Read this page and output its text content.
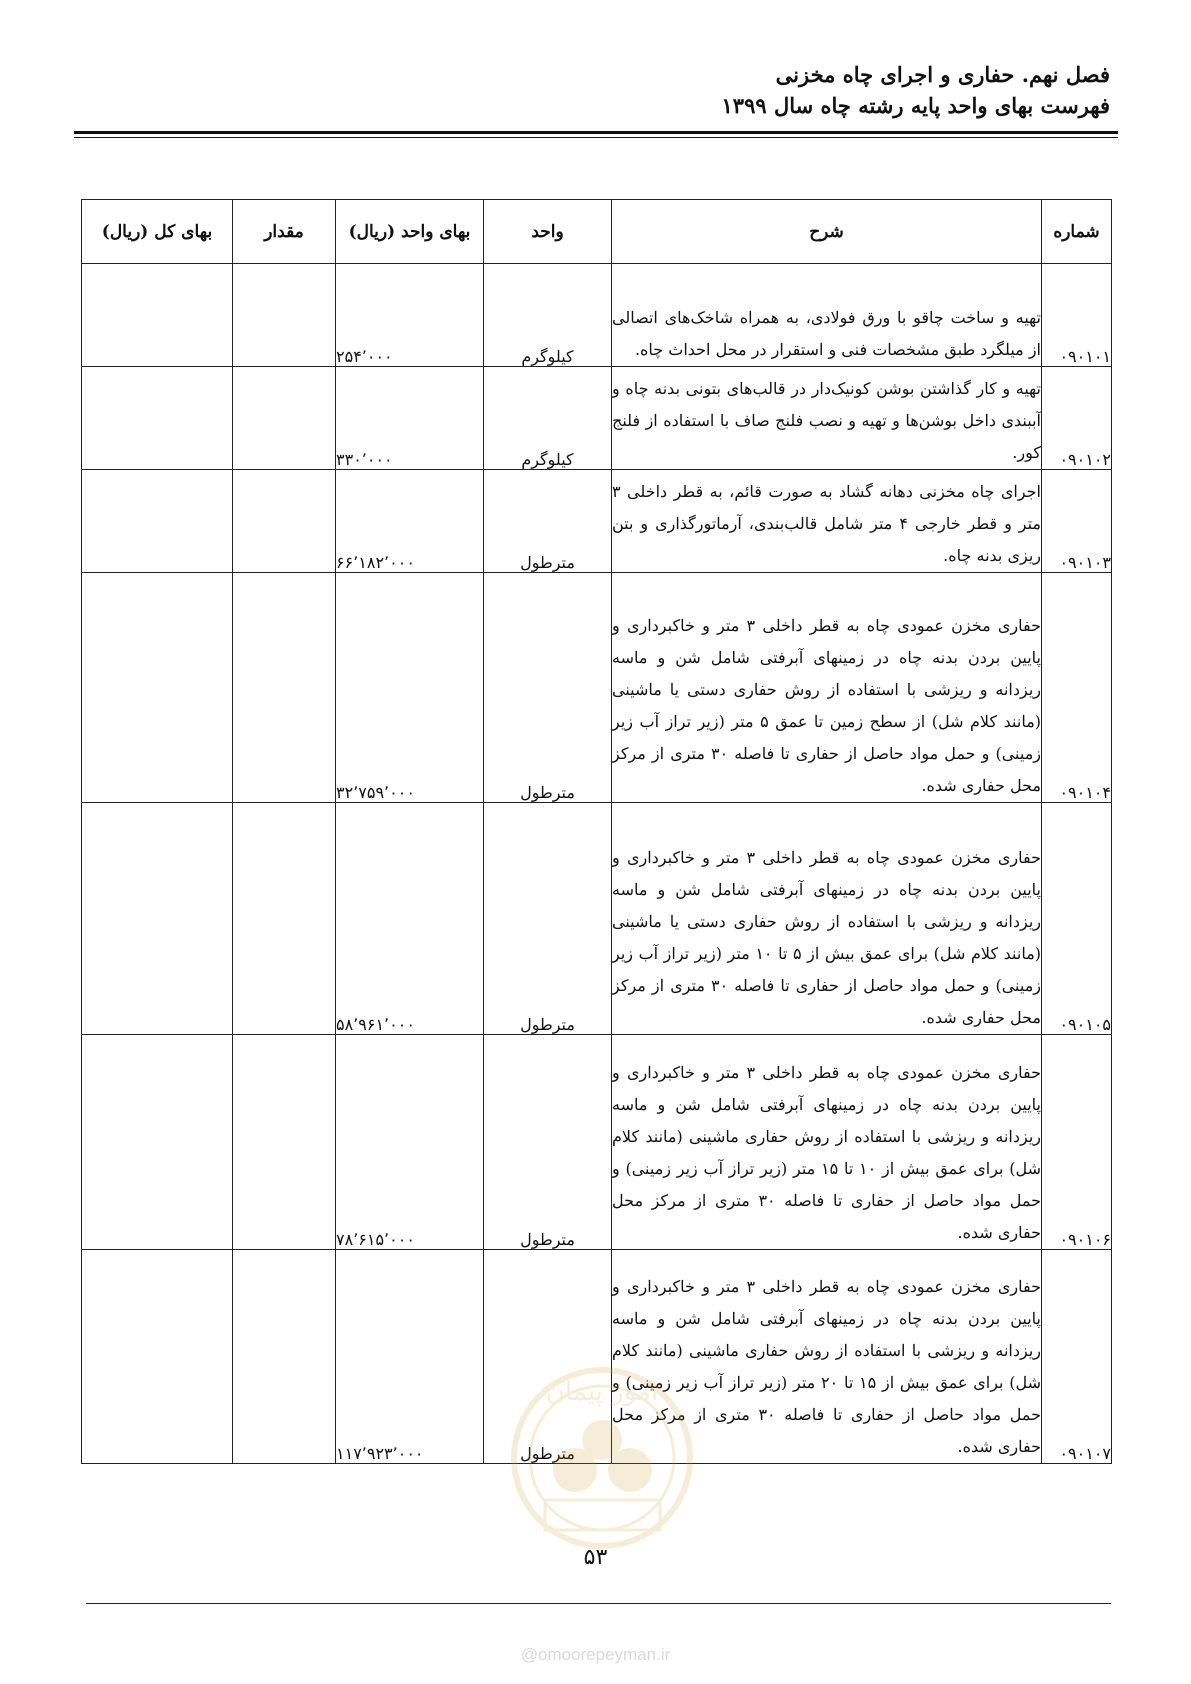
فصل نهم. حفاری و اجرای چاه مخزنی
فهرست بهای واحد پایه رشته چاه سال ۱۳۹۹
شماره	شرح	واحد	بهای واحد (ریال)	مقدار	بهای کل (ریال)
۰۹۰۱۰۱	تهیه و ساخت چاقو با ورق فولادی، به همراه شاخک‌های اتصالی از میلگرد طبق مشخصات فنی و استقرار در محل احداث چاه.	کیلوگرم	۲۵۴٬۰۰۰		
۰۹۰۱۰۲	تهیه و کار گذاشتن بوشن کونیک‌دار در قالب‌های بتونی بدنه چاه و آببندی داخل بوشن‌ها و تهیه و نصب فلنج صاف با استفاده از فلنج کور.	کیلوگرم	۳۳۰٬۰۰۰		
۰۹۰۱۰۳	اجرای چاه مخزنی دهانه گشاد به صورت قائم، به قطر داخلی ۳ متر و قطر خارجی ۴ متر شامل قالب‌بندی، آرماتورگذاری و بتن ریزی بدنه چاه.	مترطول	۶۶٬۱۸۲٬۰۰۰		
۰۹۰۱۰۴	حفاری مخزن عمودی چاه به قطر داخلی ۳ متر و خاکبرداری و پایین بردن بدنه چاه در زمینهای آبرفتی شامل شن و ماسه ریزدانه و ریزشی با استفاده از روش حفاری دستی یا ماشینی (مانند کلام شل) از سطح زمین تا عمق ۵ متر (زیر تراز آب زیر زمینی) و حمل مواد حاصل از حفاری تا فاصله ۳۰ متری از مرکز محل حفاری شده.	مترطول	۳۲٬۷۵۹٬۰۰۰		
۰۹۰۱۰۵	حفاری مخزن عمودی چاه به قطر داخلی ۳ متر و خاکبرداری و پایین بردن بدنه چاه در زمینهای آبرفتی شامل شن و ماسه ریزدانه و ریزشی با استفاده از روش حفاری دستی یا ماشینی (مانند کلام شل) برای عمق بیش از ۵ تا ۱۰ متر (زیر تراز آب زیر زمینی) و حمل مواد حاصل از حفاری تا فاصله ۳۰ متری از مرکز محل حفاری شده.	مترطول	۵۸٬۹۶۱٬۰۰۰		
۰۹۰۱۰۶	حفاری مخزن عمودی چاه به قطر داخلی ۳ متر و خاکبرداری و پایین بردن بدنه چاه در زمینهای آبرفتی شامل شن و ماسه ریزدانه و ریزشی با استفاده از روش حفاری ماشینی (مانند کلام شل) برای عمق بیش از ۱۰ تا ۱۵ متر (زیر تراز آب زیر زمینی) و حمل مواد حاصل از حفاری تا فاصله ۳۰ متری از مرکز محل حفاری شده.	مترطول	۷۸٬۶۱۵٬۰۰۰		
۰۹۰۱۰۷	حفاری مخزن عمودی چاه به قطر داخلی ۳ متر و خاکبرداری و پایین بردن بدنه چاه در زمینهای آبرفتی شامل شن و ماسه ریزدانه و ریزشی با استفاده از روش حفاری ماشینی (مانند کلام شل) برای عمق بیش از ۱۵ تا ۲۰ متر (زیر تراز آب زیر زمینی) و حمل مواد حاصل از حفاری تا فاصله ۳۰ متری از مرکز محل حفاری شده.	مترطول	۱۱۷٬۹۲۳٬۰۰۰		
امور پیمان
۵۳
@omoorepeyman.ir
